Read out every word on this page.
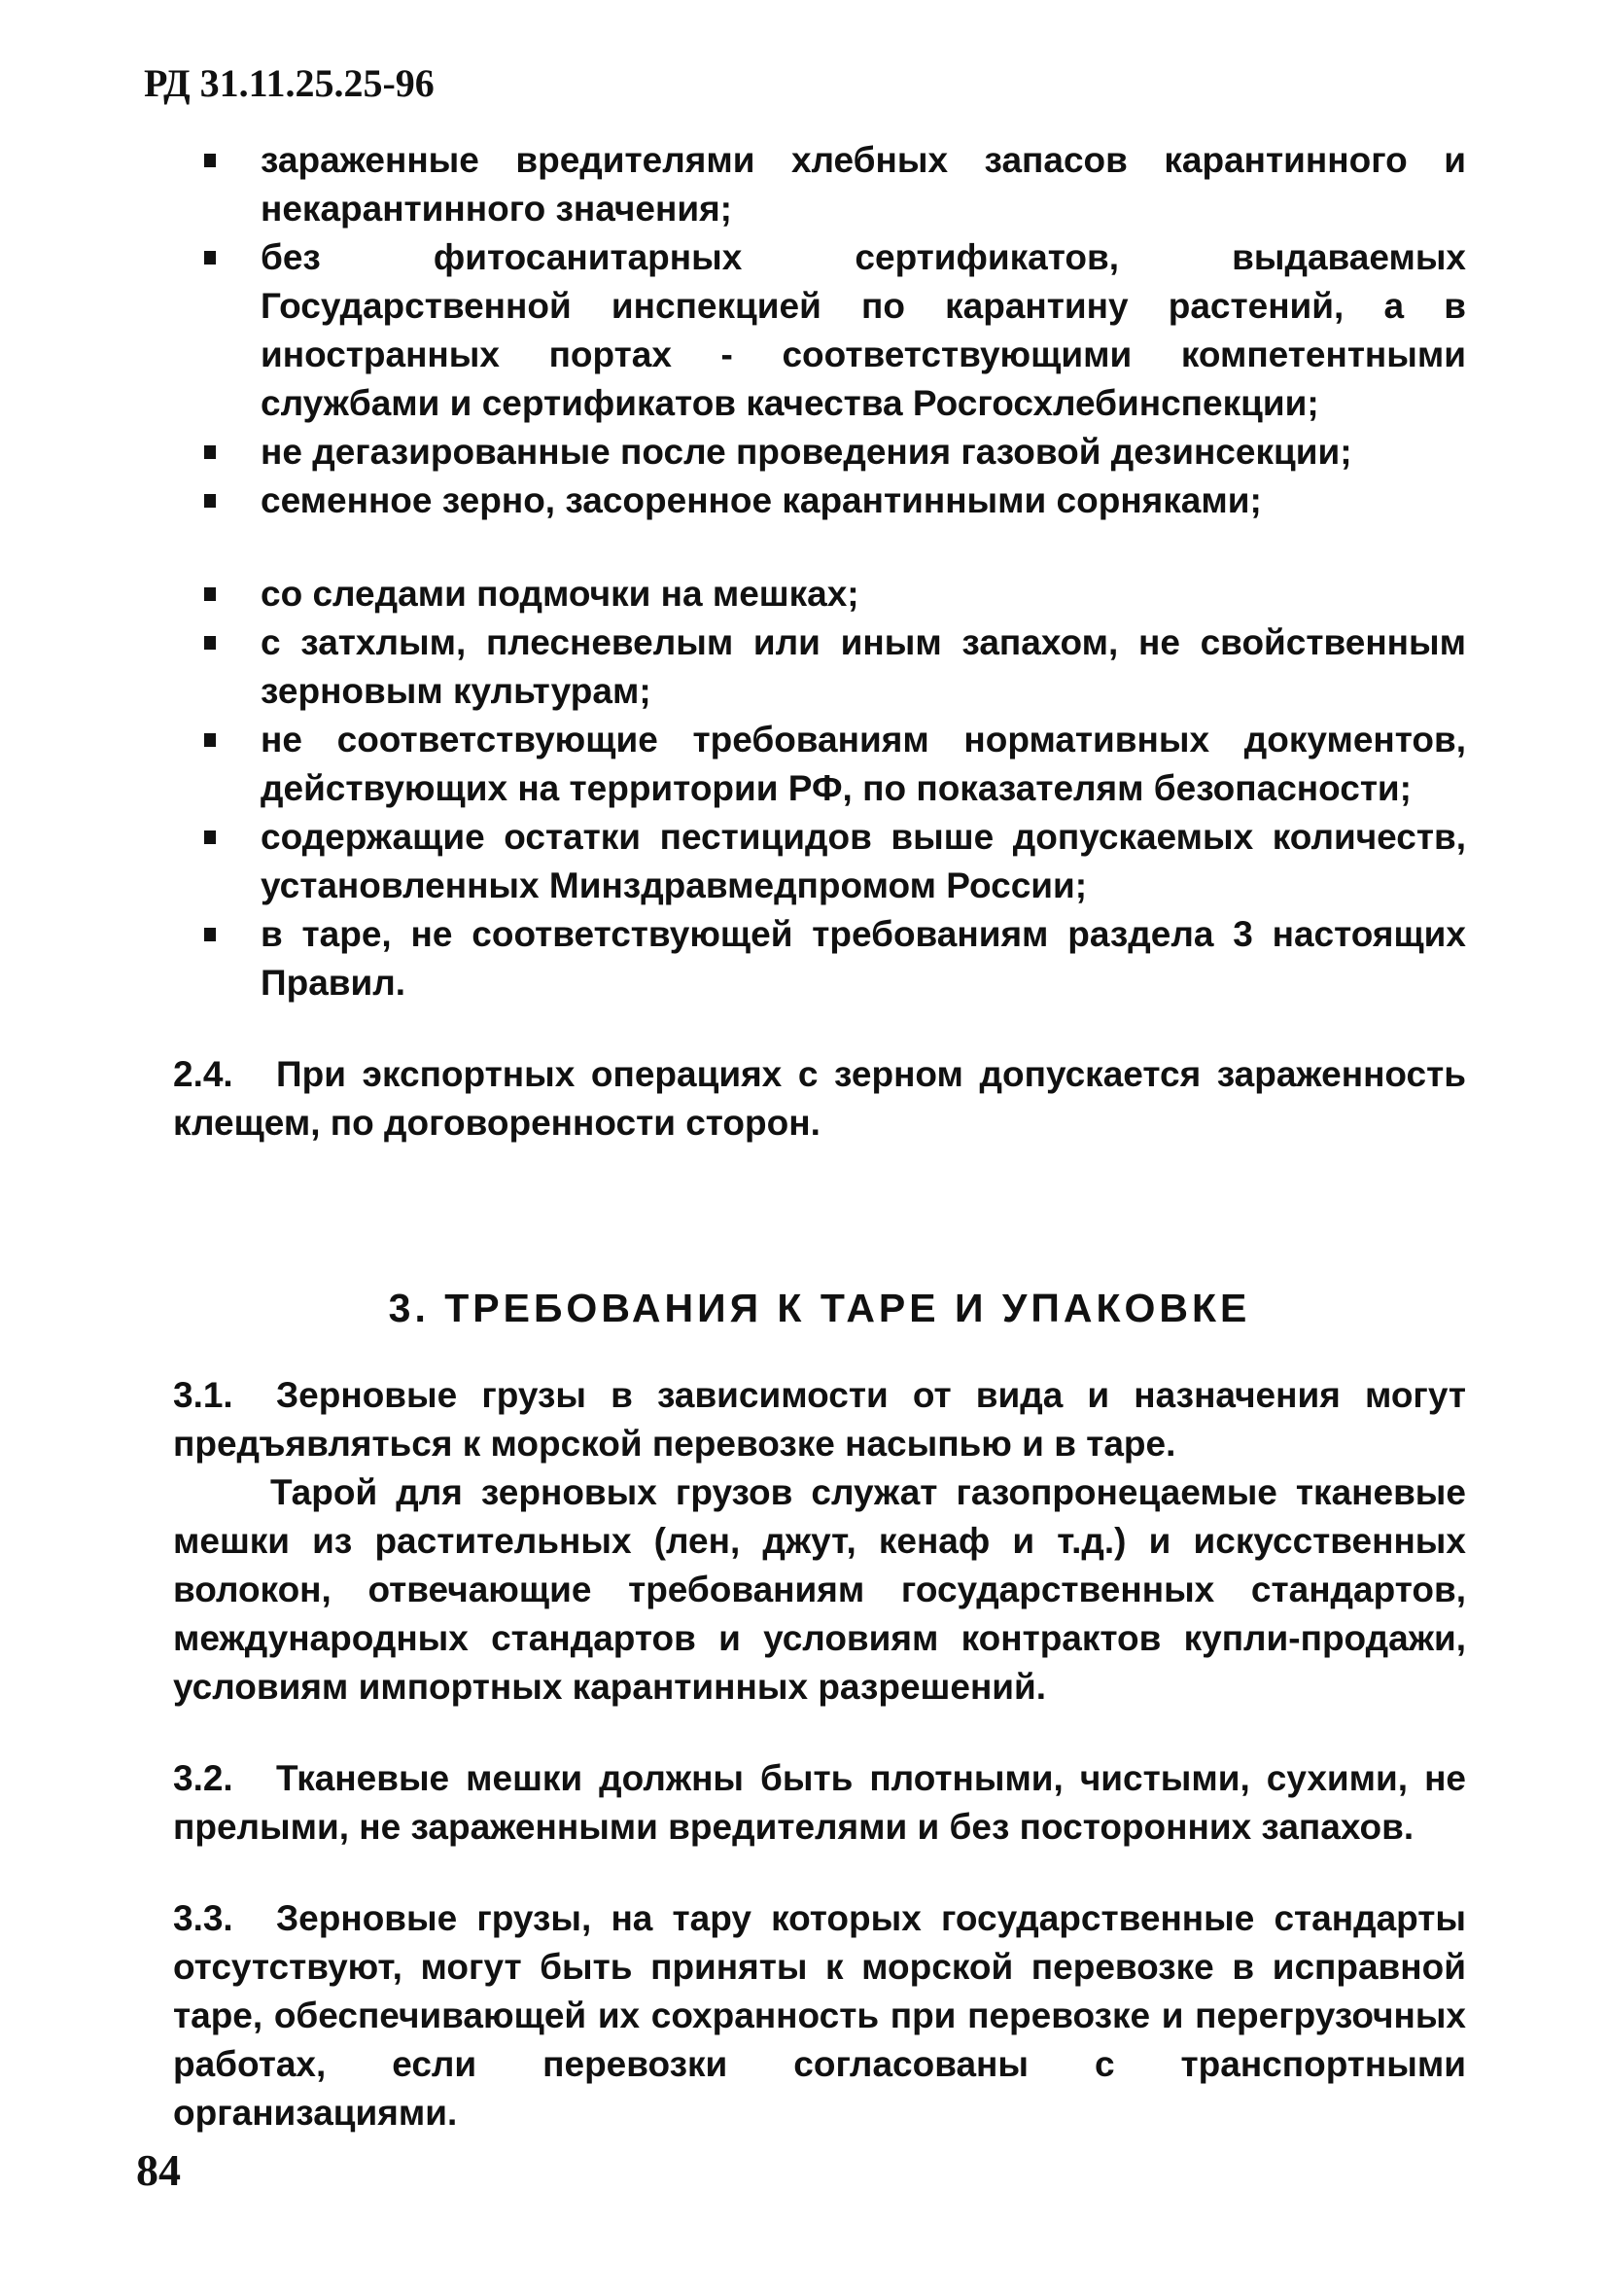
РД 31.11.25.25-96
зараженные вредителями хлебных запасов карантинного и некарантинного значения;
без фитосанитарных сертификатов, выдаваемых Государственной инспекцией по карантину растений, а в иностранных портах - соответствующими компетентными службами и сертификатов качества Росгосхлебинспекции;
не дегазированные после проведения газовой дезинсекции;
семенное зерно, засоренное карантинными сорняками;
со следами подмочки на мешках;
с затхлым, плесневелым или иным запахом, не свойственным зерновым культурам;
не соответствующие требованиям нормативных документов, действующих на территории РФ, по показателям безопасности;
содержащие остатки пестицидов выше допускаемых количеств, установленных Минздравмедпромом России;
в таре, не соответствующей требованиям раздела 3 настоящих Правил.

2.4. При экспортных операциях с зерном допускается зараженность клещем, по договоренности сторон.

3. ТРЕБОВАНИЯ К ТАРЕ И УПАКОВКЕ

3.1. Зерновые грузы в зависимости от вида и назначения могут предъявляться к морской перевозке насыпью и в таре.

Тарой для зерновых грузов служат газопронецаемые тканевые мешки из растительных (лен, джут, кенаф и т.д.) и искусственных волокон, отвечающие требованиям государственных стандартов, международных стандартов и условиям контрактов купли-продажи, условиям импортных карантинных разрешений.

3.2. Тканевые мешки должны быть плотными, чистыми, сухими, не прелыми, не зараженными вредителями и без посторонних запахов.

3.3. Зерновые грузы, на тару которых государственные стандарты отсутствуют, могут быть приняты к морской перевозке в исправной таре, обеспечивающей их сохранность при перевозке и перегрузочных работах, если перевозки согласованы с транспортными организациями.

84
